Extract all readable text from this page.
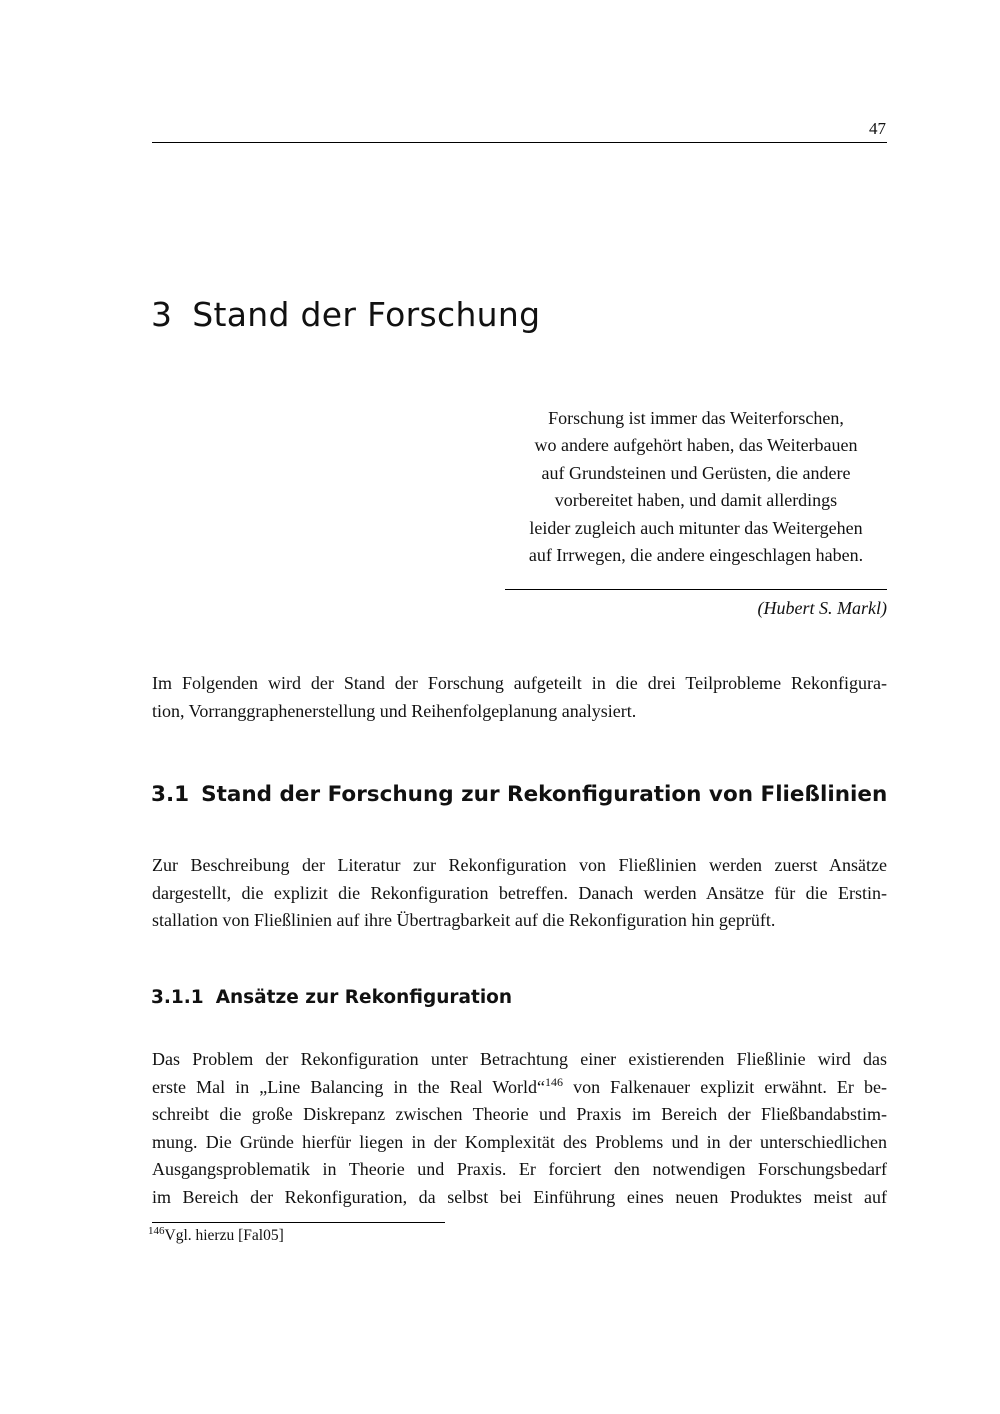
47
3 Stand der Forschung
Forschung ist immer das Weiterforschen,
wo andere aufgehört haben, das Weiterbauen
auf Grundsteinen und Gerüsten, die andere
vorbereitet haben, und damit allerdings
leider zugleich auch mitunter das Weitergehen
auf Irrwegen, die andere eingeschlagen haben.
(Hubert S. Markl)
Im Folgenden wird der Stand der Forschung aufgeteilt in die drei Teilprobleme Rekonfigura-
tion, Vorranggraphenerstellung und Reihenfolgeplanung analysiert.
3.1 Stand der Forschung zur Rekonfiguration von Fließlinien
Zur Beschreibung der Literatur zur Rekonfiguration von Fließlinien werden zuerst Ansätze
dargestellt, die explizit die Rekonfiguration betreffen. Danach werden Ansätze für die Erstin-
stallation von Fließlinien auf ihre Übertragbarkeit auf die Rekonfiguration hin geprüft.
3.1.1 Ansätze zur Rekonfiguration
Das Problem der Rekonfiguration unter Betrachtung einer existierenden Fließlinie wird das
erste Mal in „Line Balancing in the Real World“$^{146}$ von Falkenauer explizit erwähnt. Er be-
schreibt die große Diskrepanz zwischen Theorie und Praxis im Bereich der Fließbandabstim-
mung. Die Gründe hierfür liegen in der Komplexität des Problems und in der unterschiedlichen
Ausgangsproblematik in Theorie und Praxis. Er forciert den notwendigen Forschungsbedarf
im Bereich der Rekonfiguration, da selbst bei Einführung eines neuen Produktes meist auf
$^{146}$Vgl. hierzu [Fal05]
